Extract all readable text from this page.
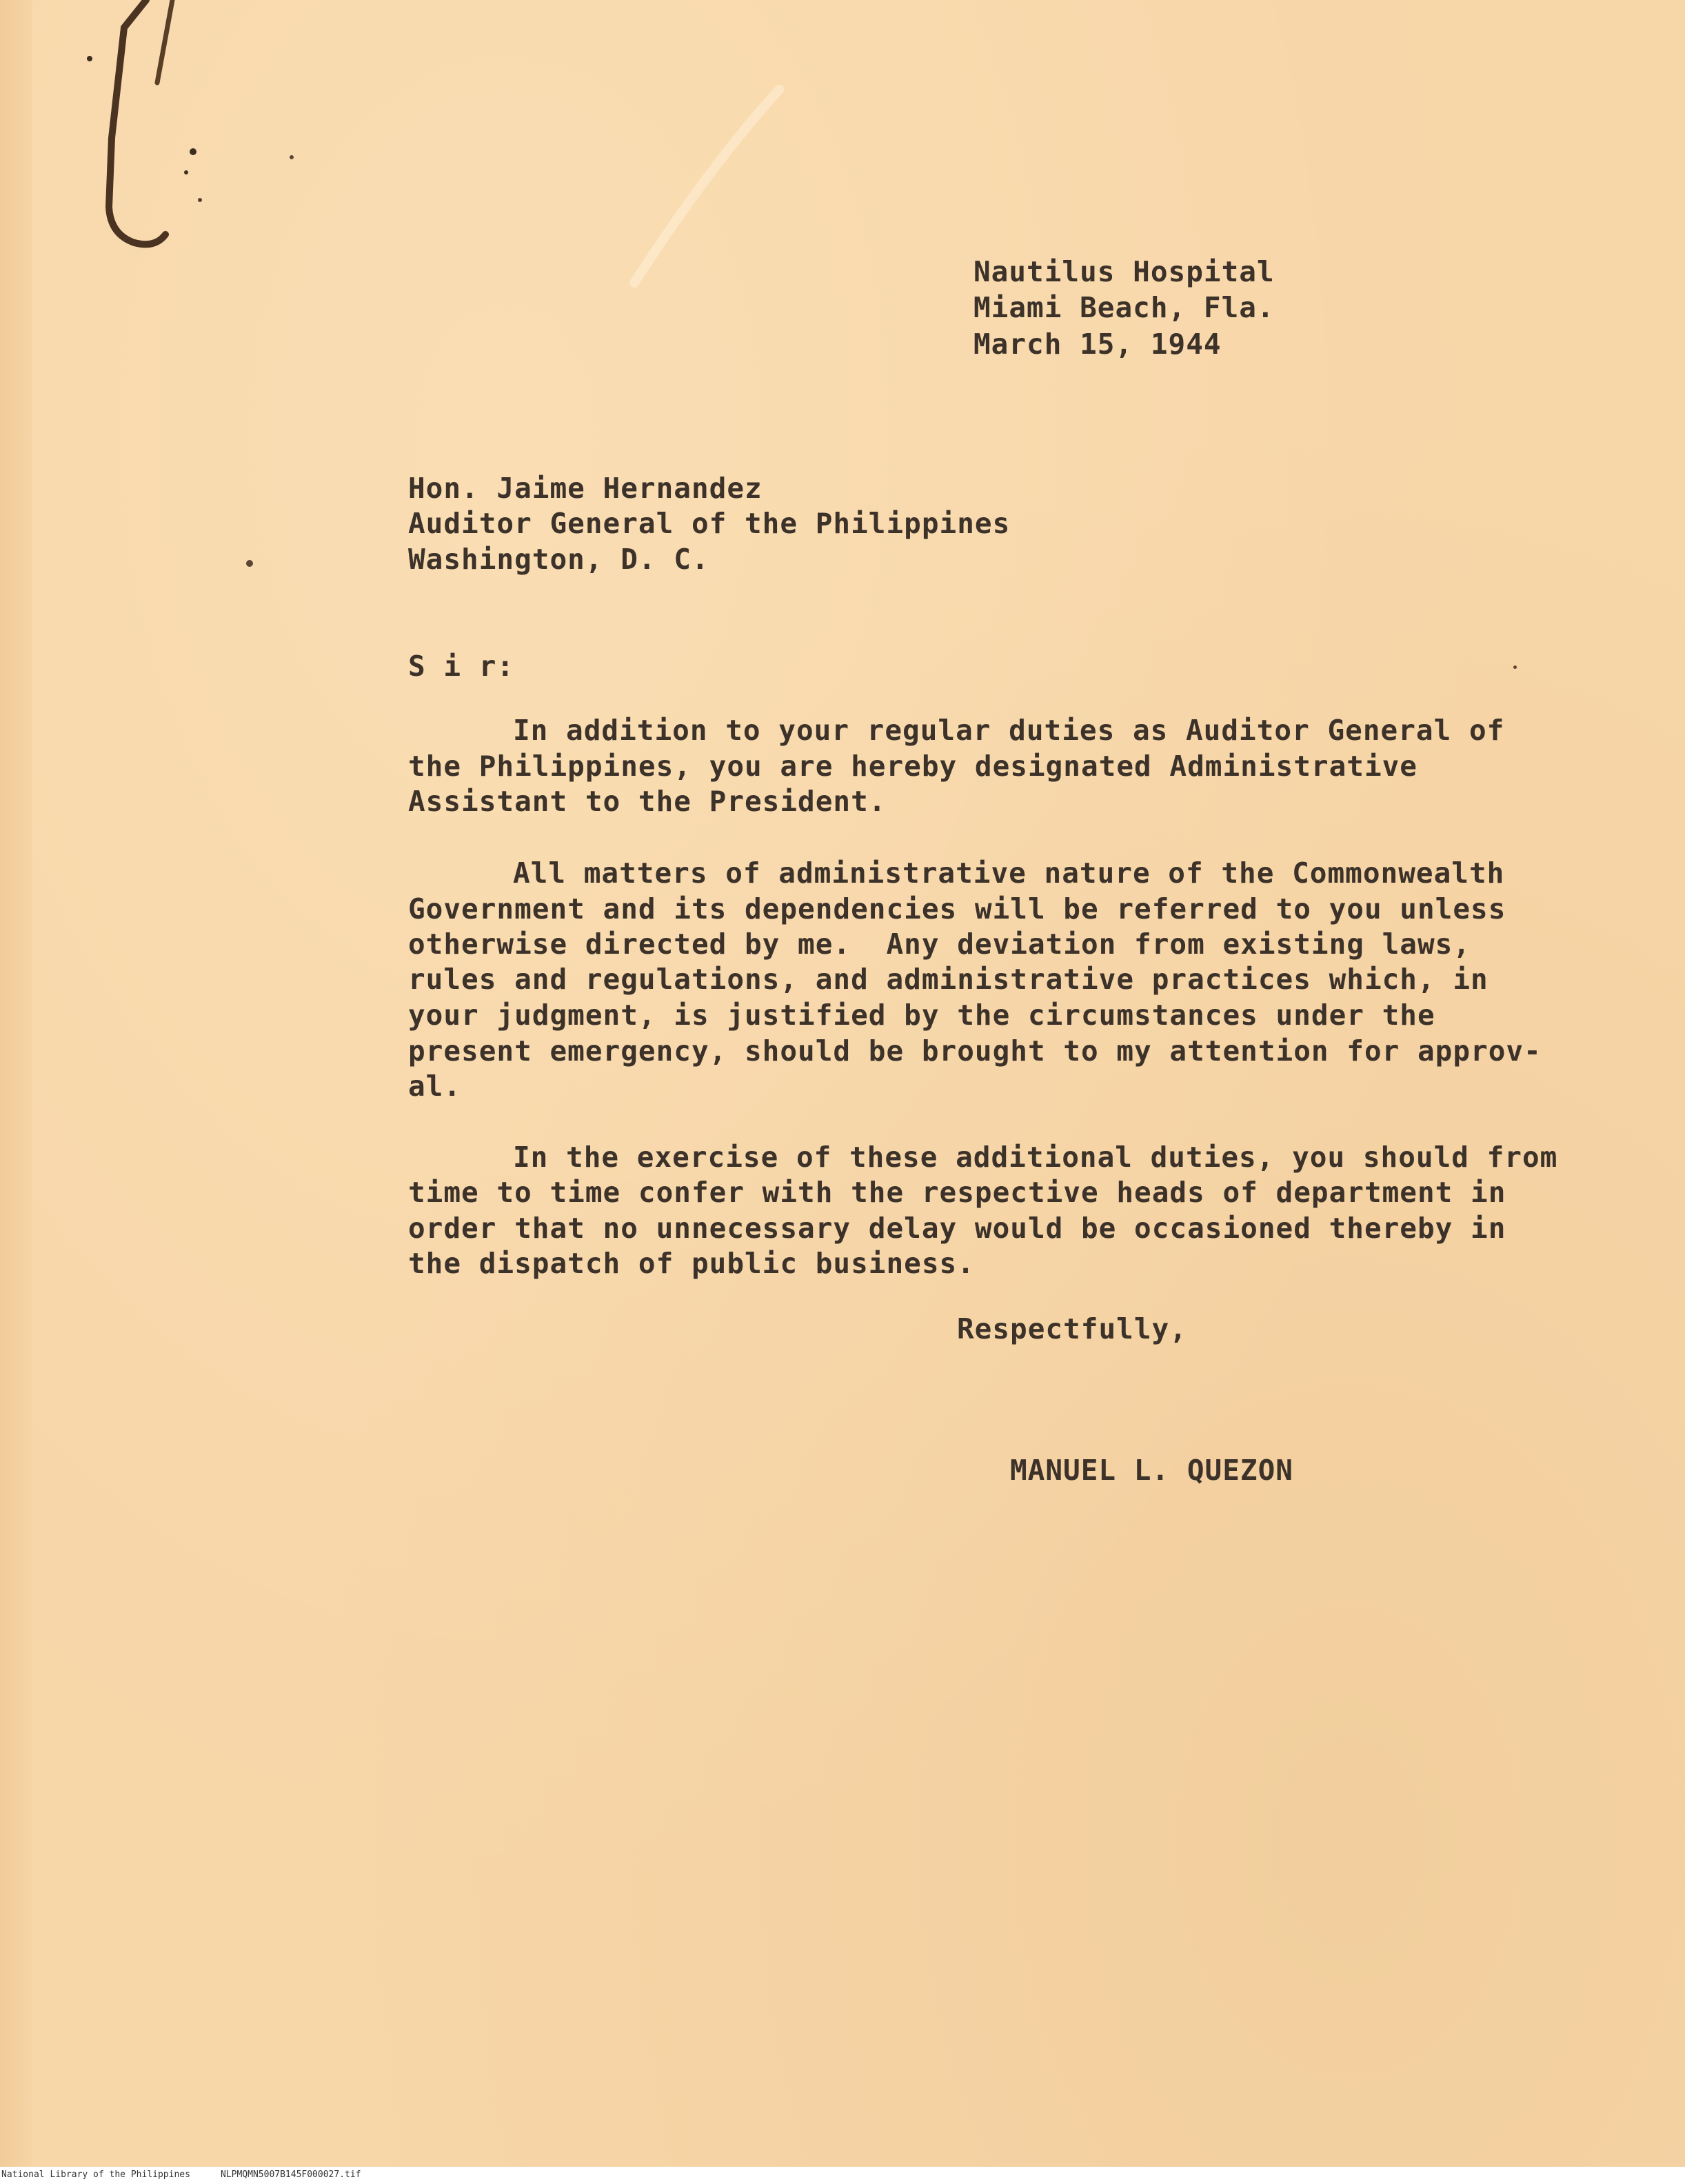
Nautilus Hospital

Miami Beach, Fla.

March 15, 1944

Hon. Jaime Hernandez

Auditor General of the Philippines

Washington, D. C.

S i r:

In addition to your regular duties as Auditor General of

the Philippines, you are hereby designated Administrative

Assistant to the President.

All matters of administrative nature of the Commonwealth

Government and its dependencies will be referred to you unless

otherwise directed by me.  Any deviation from existing laws,

rules and regulations, and administrative practices which, in

your judgment, is justified by the circumstances under the

present emergency, should be brought to my attention for approv-

al.

In the exercise of these additional duties, you should from

time to time confer with the respective heads of department in

order that no unnecessary delay would be occasioned thereby in

the dispatch of public business.

Respectfully,

MANUEL L. QUEZON

National Library of the Philippines	NLPMQMN5007B145F000027.tif
